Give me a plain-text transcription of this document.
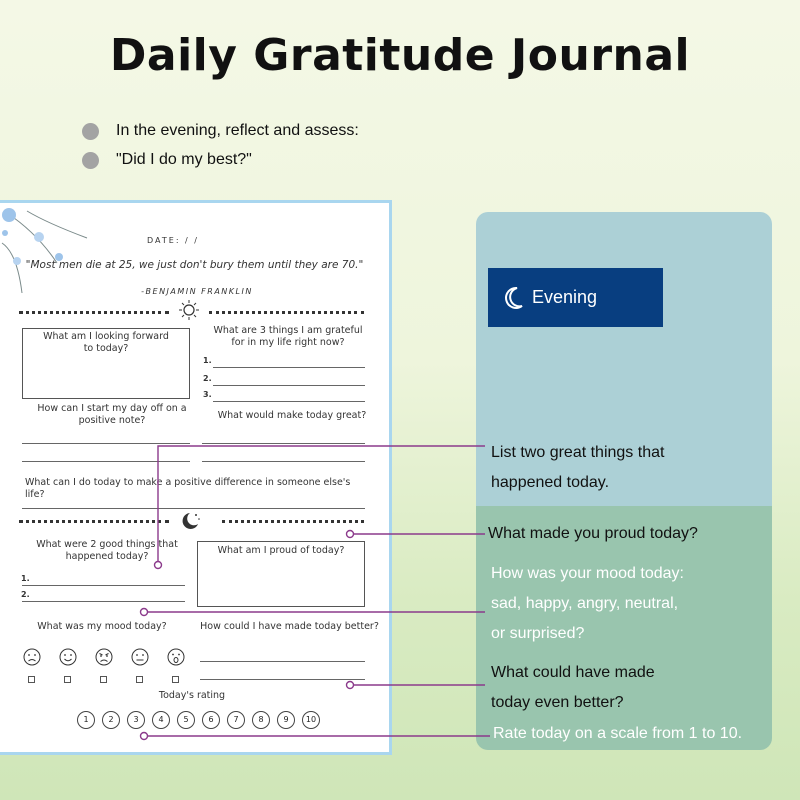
Daily Gratitude Journal
In the evening, reflect and assess:
"Did I do my best?"
Evening
List two great things that
happened today.
What made you proud today?
How was your mood today:
sad, happy, angry, neutral,
or surprised?
What could have made
today even better?
Rate today on a scale from 1 to 10.
DATE: / /
"Most men die at 25, we just don't bury them until they are 70."
-BENJAMIN FRANKLIN
What am I looking forward
to today?
What are 3 things I am grateful
for in my life right now?
1.
2.
3.
How can I start my day off on a
positive note?	What would make today great?
What can I do today to make a positive difference in someone else's life?
What were 2 good things that
happened today?
1.
2.
What am I proud of today?
What was my mood today?	How could I have made today better?
Today's rating
1	2	3	4	5	6	7	8	9	10
